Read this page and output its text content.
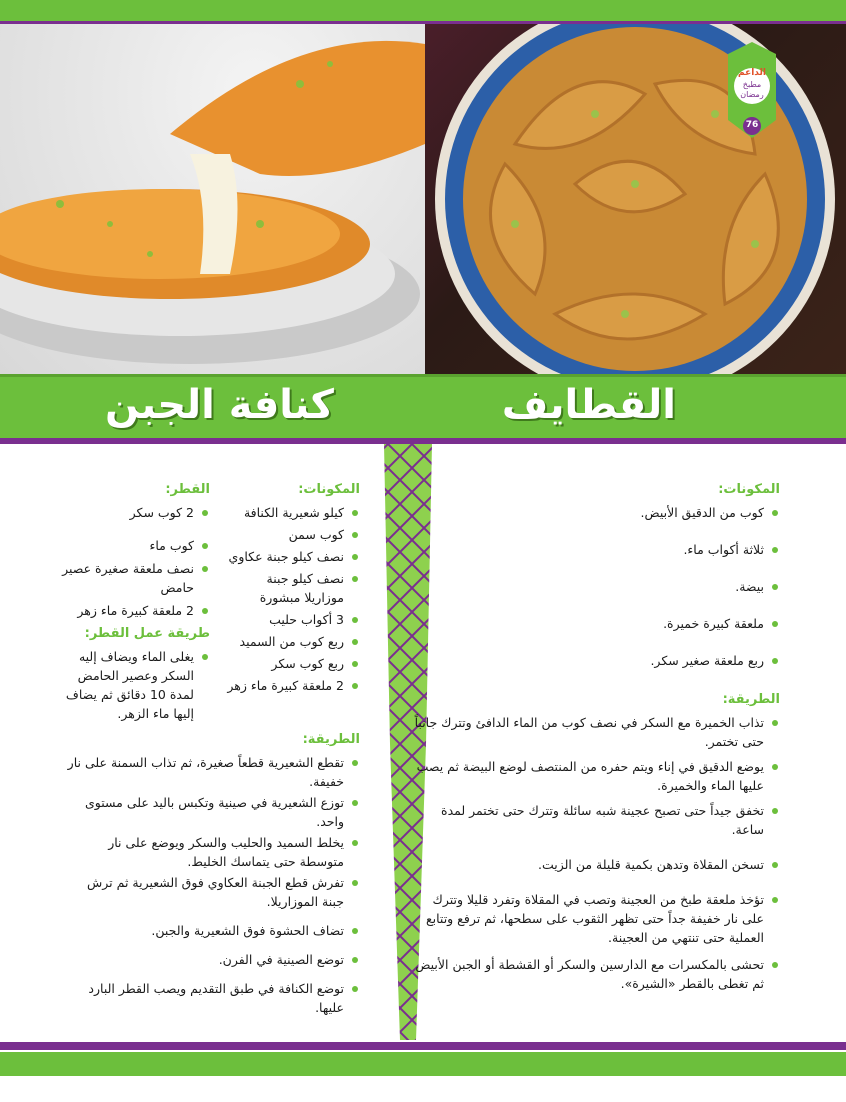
الداعم
مطبخ
رمضان
76
القطايف
كنافة الجبن
المكونات:
كوب من الدقيق الأبيض.
ثلاثة أكواب ماء.
بيضة.
ملعقة كبيرة خميرة.
ربع ملعقة صغير سكر.
الطريقة:
تذاب الخميرة مع السكر في نصف كوب من الماء الدافئ وتترك جانباً حتى تختمر.
يوضع الدقيق في إناء ويتم حفره من المنتصف لوضع البيضة ثم يصب عليها الماء والخميرة.
تخفق جيداً حتى تصبح عجينة شبه سائلة وتترك حتى تختمر لمدة ساعة.
تسخن المقلاة وتدهن بكمية قليلة من الزيت.
تؤخذ ملعقة طبخ من العجينة وتصب في المقلاة وتفرد قليلا وتترك على نار خفيفة جداً حتى تظهر الثقوب على سطحها، ثم ترفع وتتابع العملية حتى تنتهي من العجينة.
تحشى بالمكسرات مع الدارسين والسكر أو القشطة أو الجبن الأبيض ثم تغطى بالقطر «الشيرة».
المكونات:
كيلو شعيرية الكنافة
كوب سمن
نصف كيلو جبنة عكاوي
نصف كيلو جبنة موزاريلا مبشورة
3 أكواب حليب
ربع كوب من السميد
ربع كوب سكر
2 ملعقة كبيرة ماء زهر
القطر:
2 كوب سكر
كوب ماء
نصف ملعقة صغيرة عصير حامض
2 ملعقة كبيرة ماء زهر
طريقة عمل القطر:
يغلى الماء ويضاف إليه السكر وعصير الحامض لمدة 10 دقائق ثم يضاف إليها ماء الزهر.
الطريقة:
تقطع الشعيرية قطعاً صغيرة، ثم تذاب السمنة على نار خفيفة.
توزع الشعيرية في صينية وتكبس باليد على مستوى واحد.
يخلط السميد والحليب والسكر ويوضع على نار متوسطة حتى يتماسك الخليط.
تفرش قطع الجبنة العكاوي فوق الشعيرية ثم ترش جبنة الموزاريلا.
تضاف الحشوة فوق الشعيرية والجبن.
توضع الصينية في الفرن.
توضع الكنافة في طبق التقديم ويصب القطر البارد عليها.
